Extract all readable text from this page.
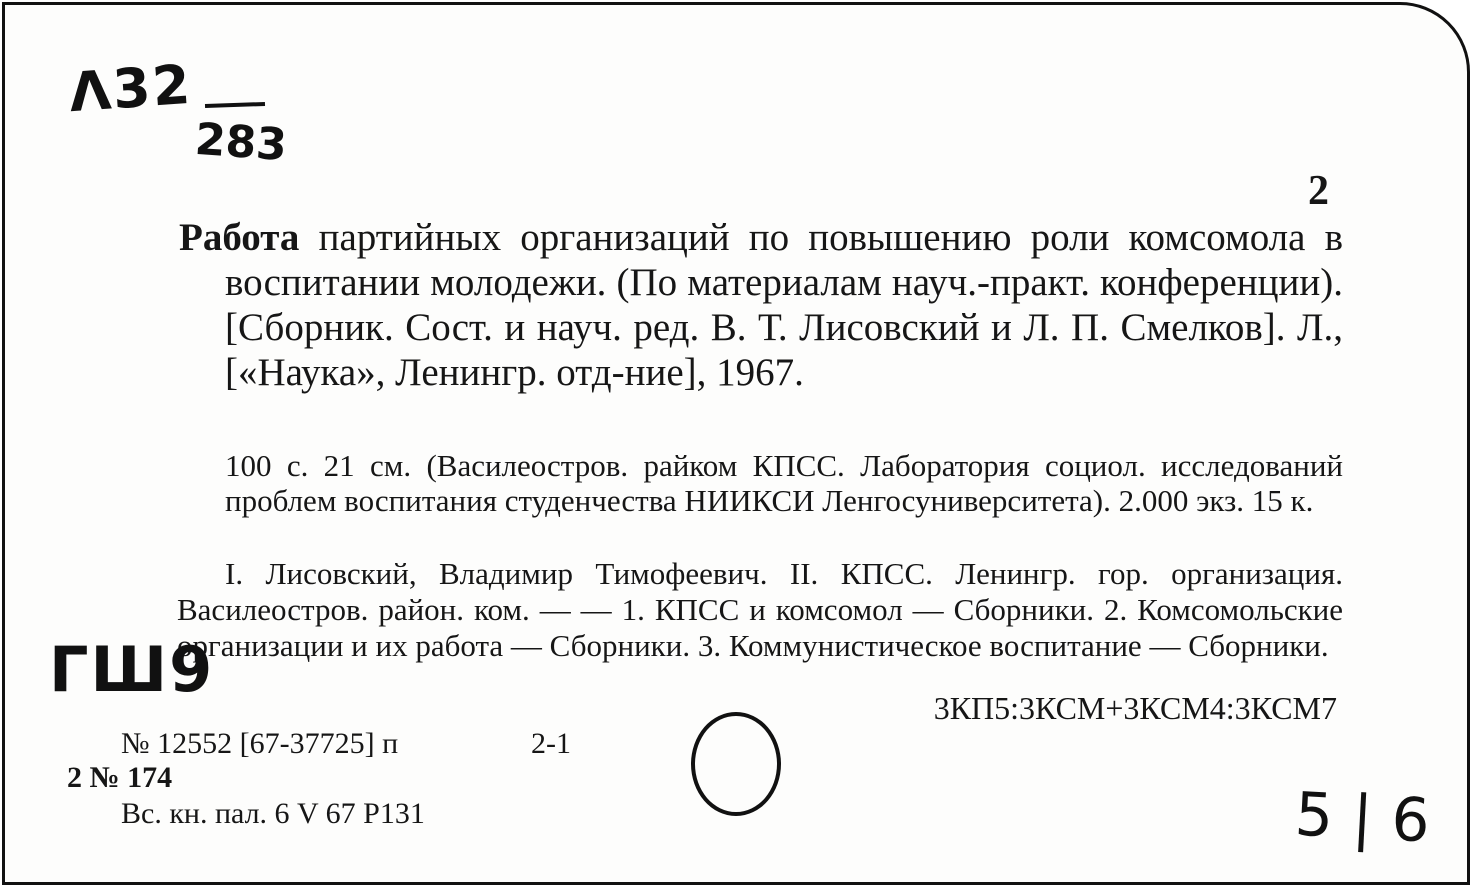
Λ32
283
2
Работа партийных организаций по повышению роли комсомола в воспитании молодежи. (По материалам науч.-практ. конференции). [Сборник. Сост. и науч. ред. В. Т. Лисовский и Л. П. Смелков]. Л., [«Наука», Ленингр. отд-ние], 1967.
100 с. 21 см. (Василеостров. райком КПСС. Лаборатория социол. исследований проблем воспитания студенчества НИИКСИ Ленгосуниверситета). 2.000 экз. 15 к.
I. Лисовский, Владимир Тимофеевич. II. КПСС. Ленингр. гор. организация. Василеостров. район. ком. — — 1. КПСС и комсомол — Сборники. 2. Комсомольские организации и их работа — Сборники. 3. Коммунистическое воспитание — Сборники.
ГШ9
3КП5:3КСМ+3КСМ4:3КСМ7
№ 12552 [67-37725] п	2-1
2 № 174
Вс. кн. пал. 6 V 67 Р131	5 | 6
